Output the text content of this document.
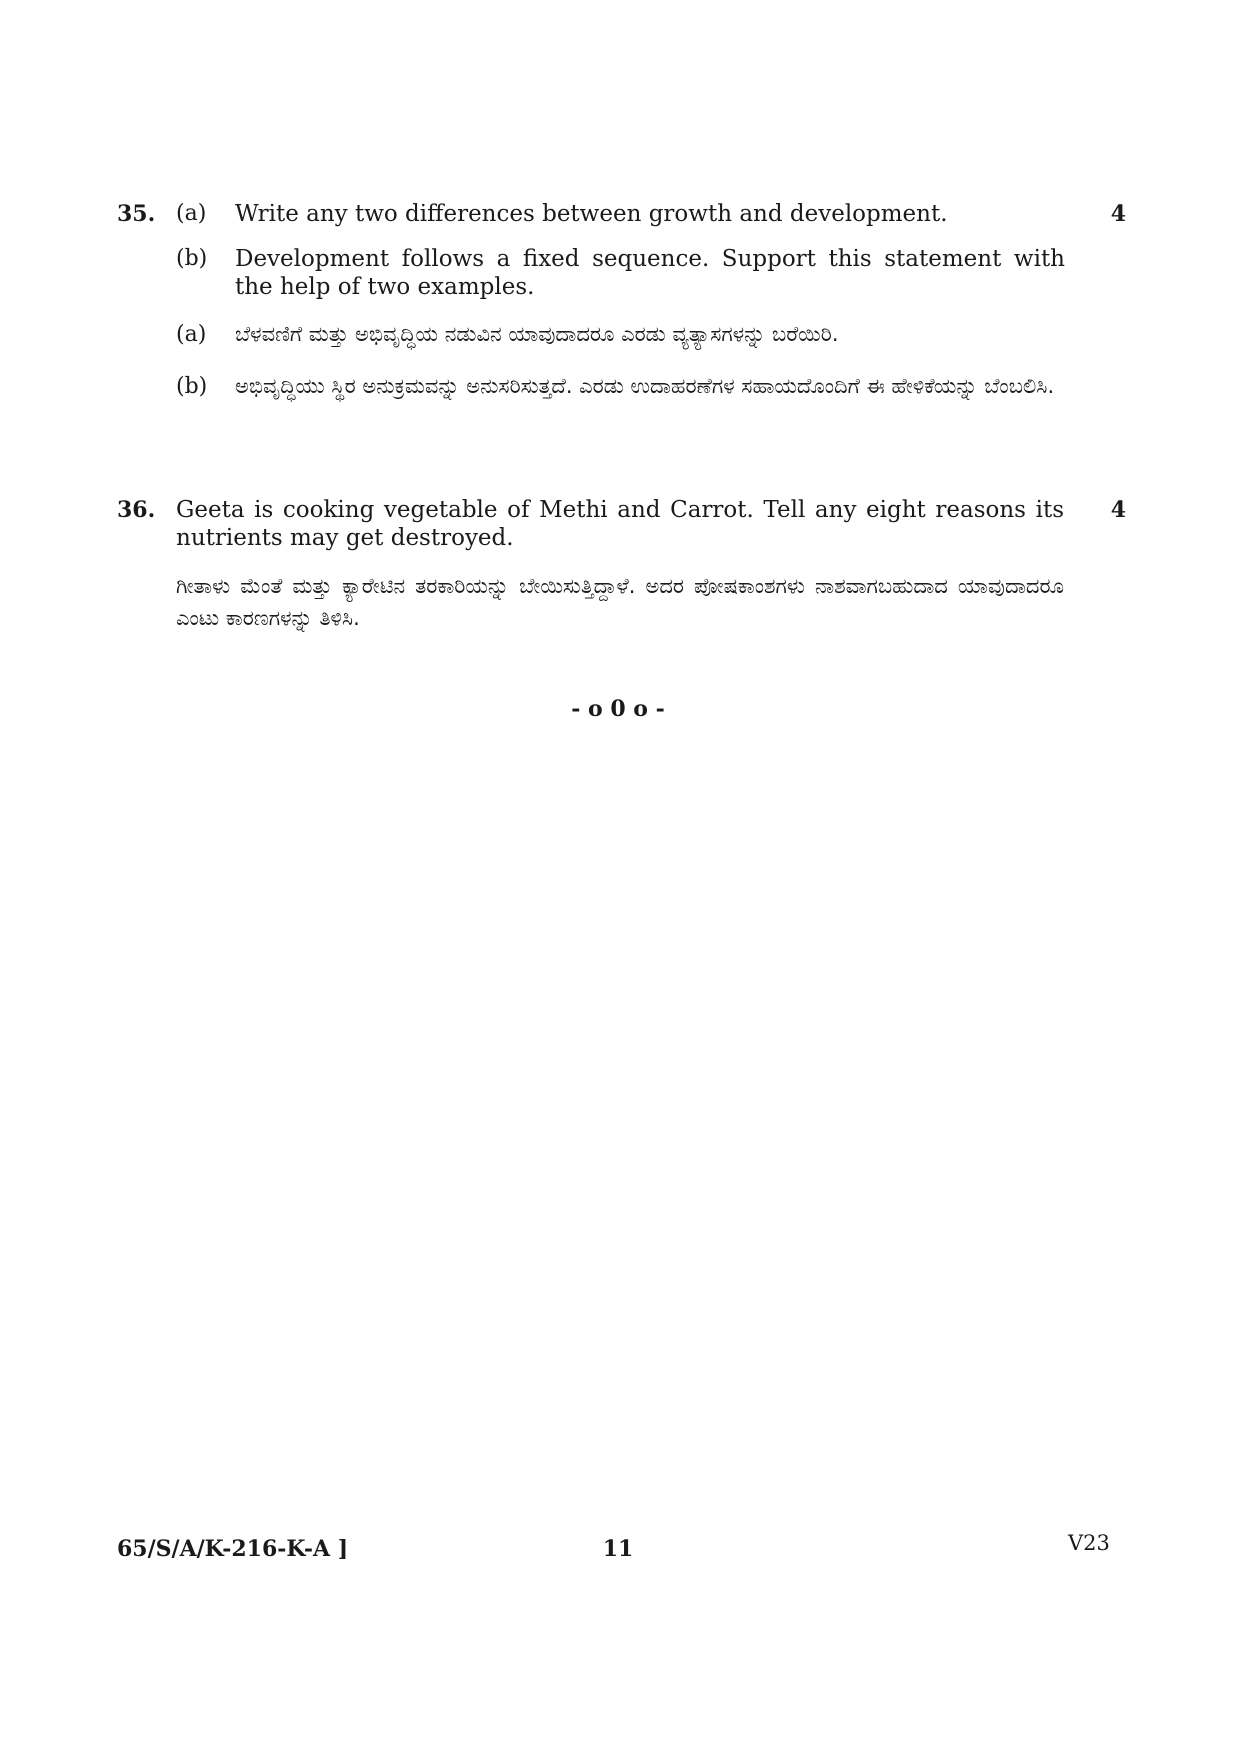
35.	4
(a) Write any two differences between growth and development.
(b) Development follows a fixed sequence. Support this statement with the help of two examples.
(a) ಬೆಳವಣಿಗೆ ಮತ್ತು ಅಭಿವೃದ್ಧಿಯ ನಡುವಿನ ಯಾವುದಾದರೂ ಎರಡು ವ್ಯತ್ಯಾಸಗಳನ್ನು ಬರೆಯಿರಿ.
(b) ಅಭಿವೃದ್ಧಿಯು ಸ್ಥಿರ ಅನುಕ್ರಮವನ್ನು ಅನುಸರಿಸುತ್ತದೆ. ಎರಡು ಉದಾಹರಣೆಗಳ ಸಹಾಯದೊಂದಿಗೆ ಈ ಹೇಳಿಕೆಯನ್ನು ಬೆಂಬಲಿಸಿ.
36.	4
Geeta is cooking vegetable of Methi and Carrot. Tell any eight reasons its nutrients may get destroyed.
ಗೀತಾಳು ಮೆಂತೆ ಮತ್ತು ಕ್ಯಾರೇಟಿನ ತರಕಾರಿಯನ್ನು ಬೇಯಿಸುತ್ತಿದ್ದಾಳೆ. ಅದರ ಪೋಷಕಾಂಶಗಳು ನಾಶವಾಗಬಹುದಾದ ಯಾವುದಾದರೂ ಎಂಟು ಕಾರಣಗಳನ್ನು ತಿಳಿಸಿ.
- o 0 o -
65/S/A/K-216-K-A ]	11	V23
